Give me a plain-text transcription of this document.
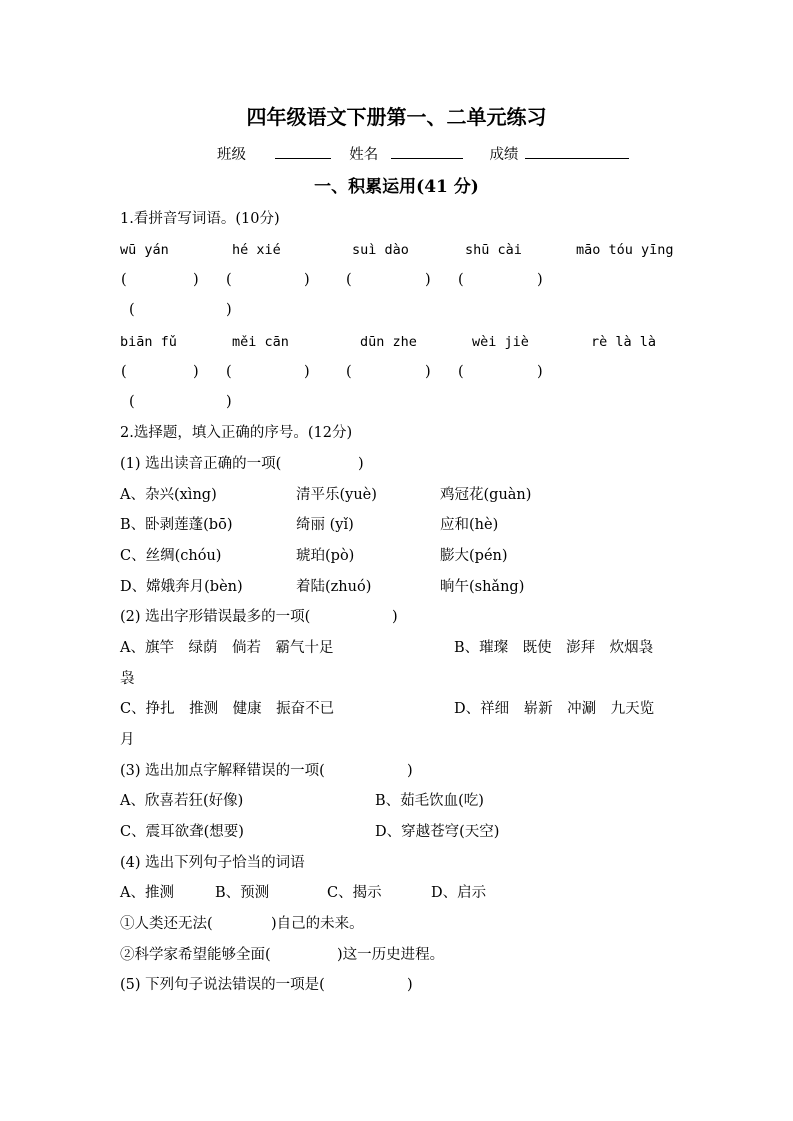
四年级语文下册第一、二单元练习
班级	姓名	成绩
一、积累运用(41 分)
1.看拼音写词语。(10分)
wū yán	hé xié	suì dào	shū cài	māo tóu yīng
(	) (	)	(	) (	)
(	)
biān fǔ	měi cān	dūn zhe	wèi jiè	rè là là
(	) (	)	(	) (	)
(	)
2.选择题，填入正确的序号。(12分)
(1) 选出读音正确的一项(	)
A、杂兴(xìng)	清平乐(yuè)	鸡冠花(guàn)
B、卧剥莲蓬(bō)	绮丽 (yǐ)	应和(hè)
C、丝绸(chóu)	琥珀(pò)	膨大(pén)
D、嫦娥奔月(bèn)	着陆(zhuó)	晌午(shǎng)
(2) 选出字形错误最多的一项(	)
A、旗竿　绿荫　倘若　霸气十足	B、璀璨　既使　澎拜　炊烟袅
袅
C、挣扎　推测　健康　振奋不已	D、祥细　崭新　冲涮　九天览
月
(3) 选出加点字解释错误的一项(	)
A、欣喜若狂(好像)	B、茹毛饮血(吃)
C、震耳欲聋(想要)	D、穿越苍穹(天空)
(4) 选出下列句子恰当的词语
A、推测	B、预测	C、揭示	D、启示
①人类还无法(	)自己的未来。
②科学家希望能够全面(	)这一历史进程。
(5) 下列句子说法错误的一项是(	)
